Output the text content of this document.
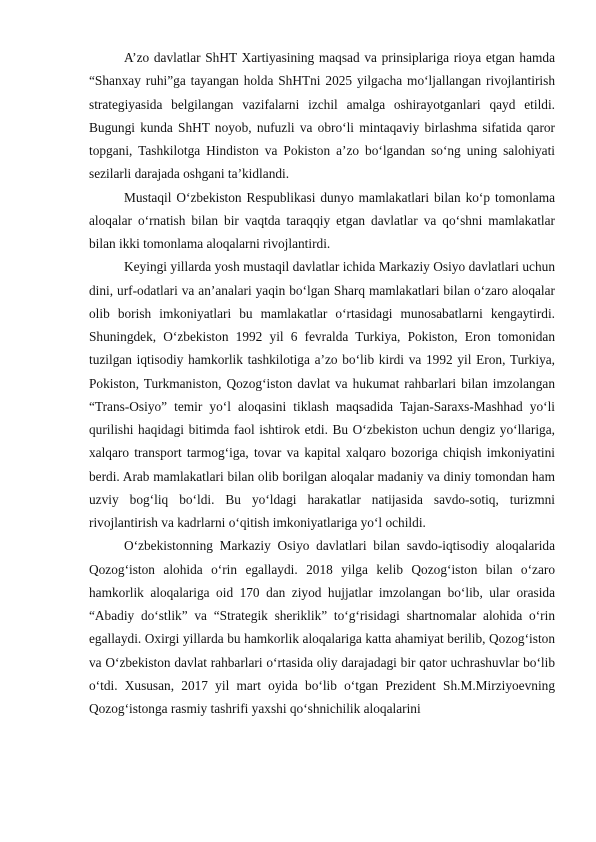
A’zo davlatlar ShHT Xartiyasining maqsad va prinsiplariga rioya etgan hamda “Shanxay ruhi”ga tayangan holda ShHTni 2025 yilgacha mo‘ljallangan rivojlantirish strategiyasida belgilangan vazifalarni izchil amalga oshirayotganlari qayd etildi. Bugungi kunda ShHT noyob, nufuzli va obro‘li mintaqaviy birlashma sifatida qaror topgani, Tashkilotga Hindiston va Pokiston a’zo bo‘lgandan so‘ng uning salohiyati sezilarli darajada oshgani ta’kidlandi.

Mustaqil O‘zbekiston Respublikasi dunyo mamlakatlari bilan ko‘p tomonlama aloqalar o‘rnatish bilan bir vaqtda taraqqiy etgan davlatlar va qo‘shni mamlakatlar bilan ikki tomonlama aloqalarni rivojlantirdi.

Keyingi yillarda yosh mustaqil davlatlar ichida Markaziy Osiyo davlatlari uchun dini, urf-odatlari va an’analari yaqin bo‘lgan Sharq mamlakatlari bilan o‘zaro aloqalar olib borish imkoniyatlari bu mamlakatlar o‘rtasidagi munosabatlarni kengaytirdi. Shuningdek, O‘zbekiston 1992 yil 6 fevralda Turkiya, Pokiston, Eron tomonidan tuzilgan iqtisodiy hamkorlik tashkilotiga a’zo bo‘lib kirdi va 1992 yil Eron, Turkiya, Pokiston, Turkmaniston, Qozog‘iston davlat va hukumat rahbarlari bilan imzolangan “Trans-Osiyo” temir yo‘l aloqasini tiklash maqsadida Tajan-Saraxs-Mashhad yo‘li qurilishi haqidagi bitimda faol ishtirok etdi. Bu O‘zbekiston uchun dengiz yo‘llariga, xalqaro transport tarmog‘iga, tovar va kapital xalqaro bozoriga chiqish imkoniyatini berdi. Arab mamlakatlari bilan olib borilgan aloqalar madaniy va diniy tomondan ham uzviy bog‘liq bo‘ldi. Bu yo‘ldagi harakatlar natijasida savdo-sotiq, turizmni rivojlantirish va kadrlarni o‘qitish imkoniyatlariga yo‘l ochildi.

O‘zbekistonning Markaziy Osiyo davlatlari bilan savdo-iqtisodiy aloqalarida Qozog‘iston alohida o‘rin egallaydi. 2018 yilga kelib Qozog‘iston bilan o‘zaro hamkorlik aloqalariga oid 170 dan ziyod hujjatlar imzolangan bo‘lib, ular orasida “Abadiy do‘stlik” va “Strategik sheriklik” to‘g‘risidagi shartnomalar alohida o‘rin egallaydi. Oxirgi yillarda bu hamkorlik aloqalariga katta ahamiyat berilib, Qozog‘iston va O‘zbekiston davlat rahbarlari o‘rtasida oliy darajadagi bir qator uchrashuvlar bo‘lib o‘tdi. Xususan, 2017 yil mart oyida bo‘lib o‘tgan Prezident Sh.M.Mirziyoevning Qozog‘istonga rasmiy tashrifi yaxshi qo‘shnichilik aloqalarini
